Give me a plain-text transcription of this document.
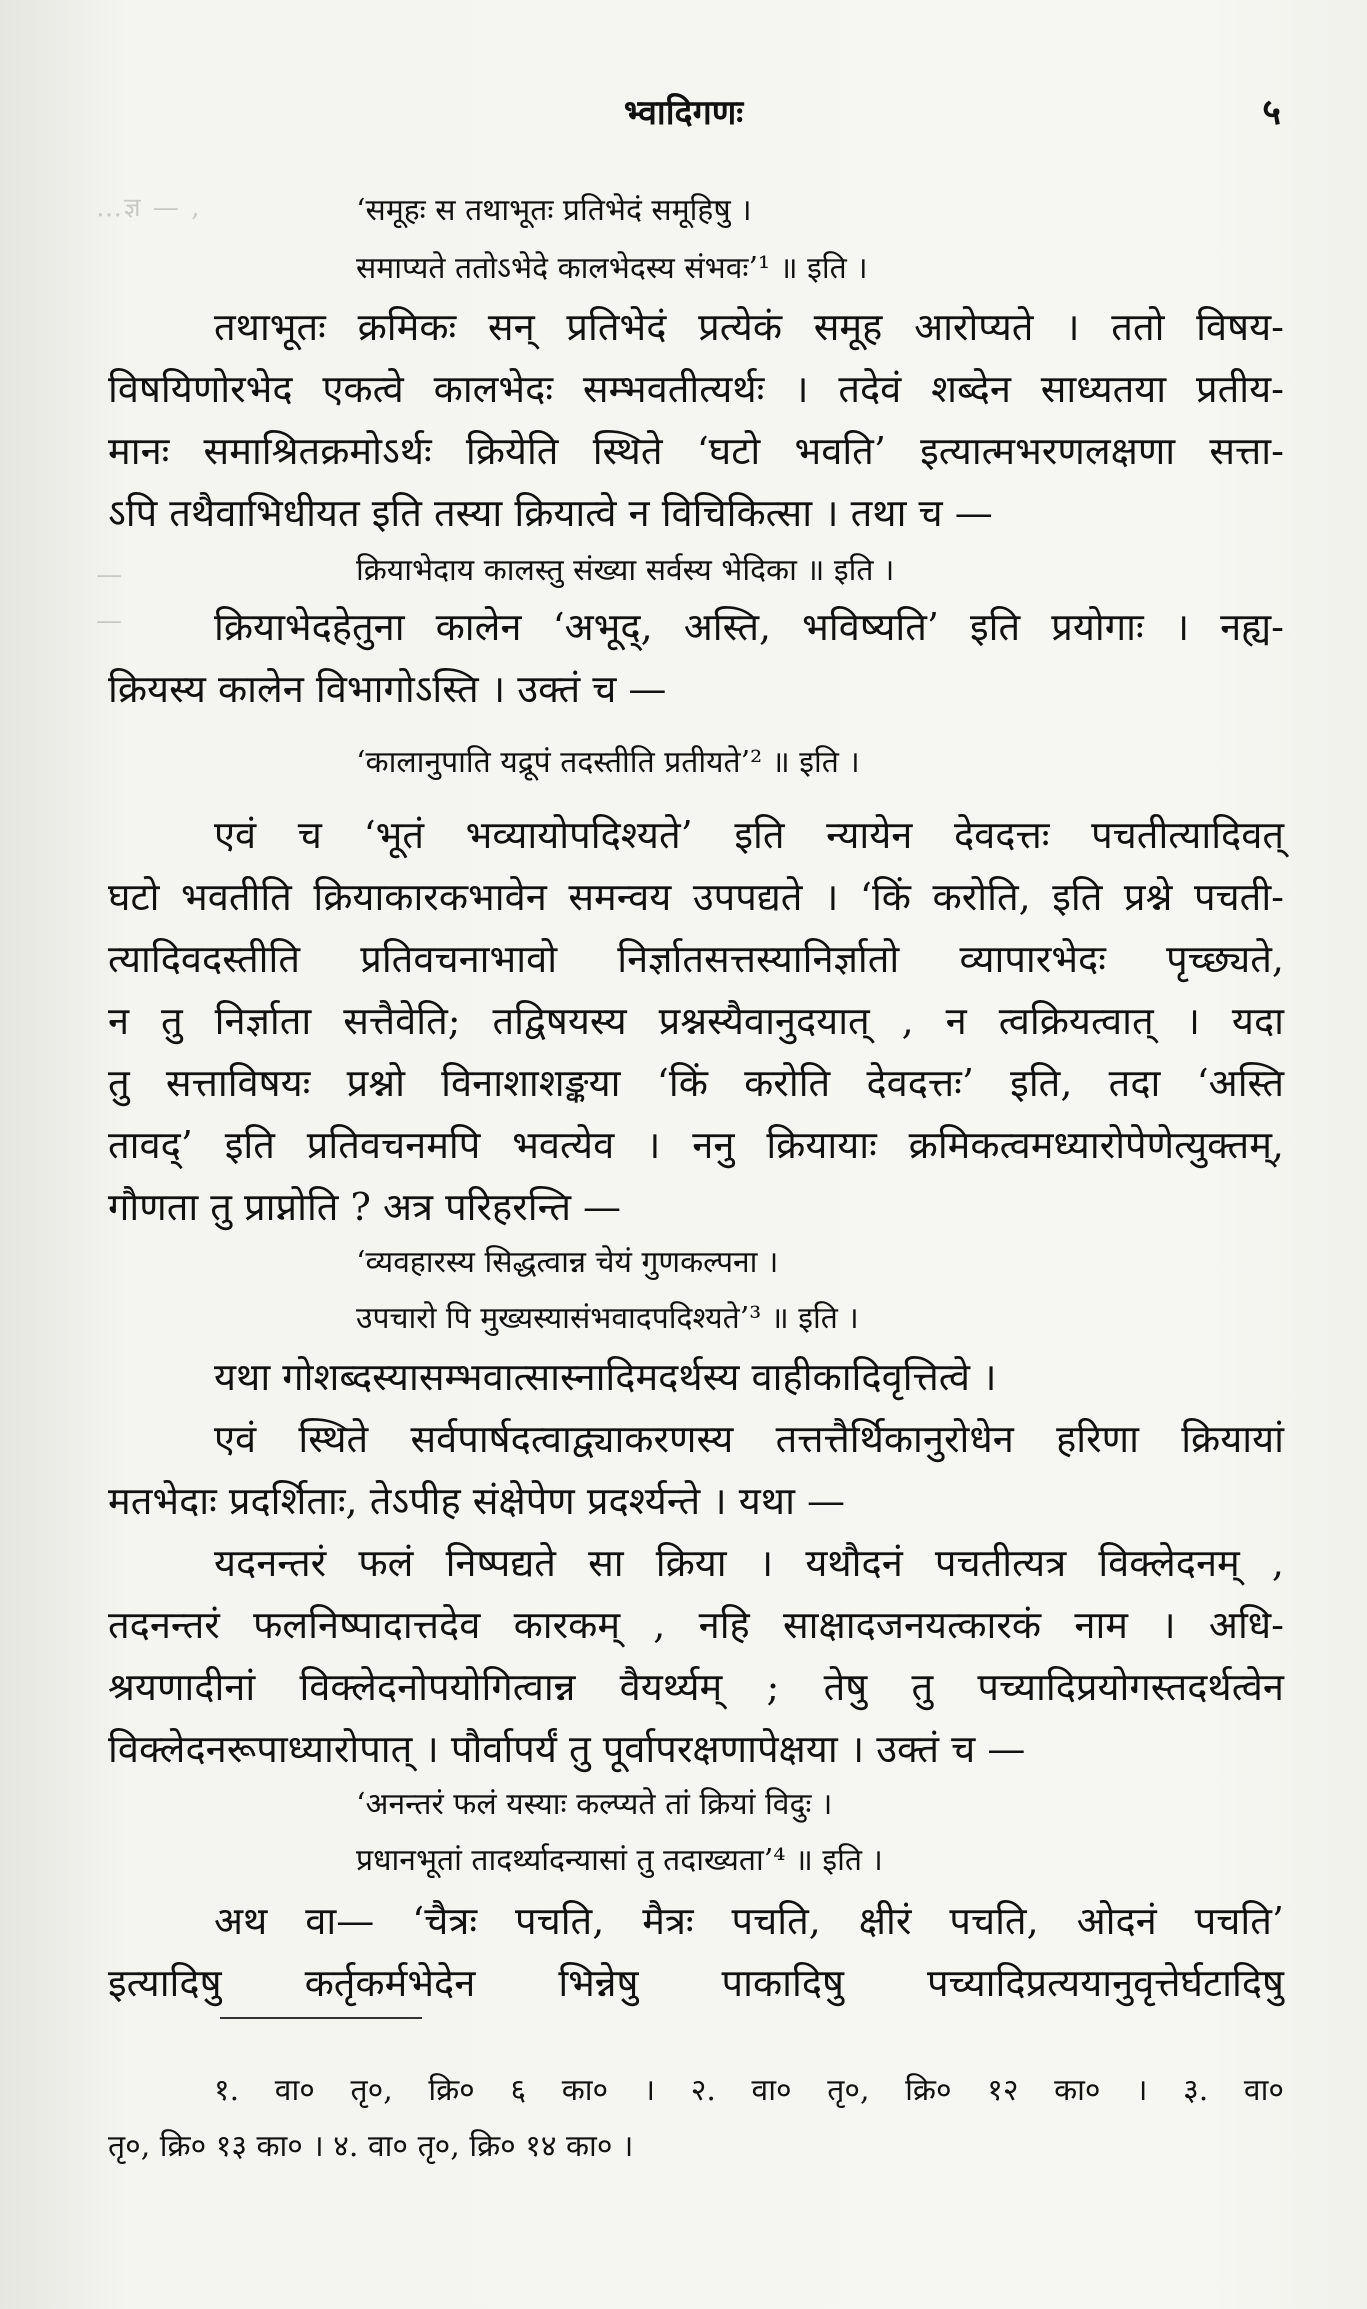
…ज्ञ — ,
—
—
भ्वादिगणः	५
‘समूहः स तथाभूतः प्रतिभेदं समूहिषु ।
समाप्यते ततोऽभेदे कालभेदस्य संभवः’¹ ॥ इति ।
तथाभूतः क्रमिकः सन् प्रतिभेदं प्रत्येकं समूह आरोप्यते । ततो विषय-
विषयिणोरभेद एकत्वे कालभेदः सम्भवतीत्यर्थः । तदेवं शब्देन साध्यतया प्रतीय-
मानः समाश्रितक्रमोऽर्थः क्रियेति स्थिते ‘घटो भवति’ इत्यात्मभरणलक्षणा सत्ता-
ऽपि तथैवाभिधीयत इति तस्या क्रियात्वे न विचिकित्सा । तथा च —
क्रियाभेदाय कालस्तु संख्या सर्वस्य भेदिका ॥ इति ।
क्रियाभेदहेतुना कालेन ‘अभूद्, अस्ति, भविष्यति’ इति प्रयोगाः । नह्य-
क्रियस्य कालेन विभागोऽस्ति । उक्तं च —
‘कालानुपाति यद्रूपं तदस्तीति प्रतीयते’² ॥ इति ।
एवं च ‘भूतं भव्यायोपदिश्यते’ इति न्यायेन देवदत्तः पचतीत्यादिवत्
घटो भवतीति क्रियाकारकभावेन समन्वय उपपद्यते । ‘किं करोति, इति प्रश्ने पचती-
त्यादिवदस्तीति प्रतिवचनाभावो निर्ज्ञातसत्तस्यानिर्ज्ञातो व्यापारभेदः पृच्छ्यते,
न तु निर्ज्ञाता सत्तैवेति; तद्विषयस्य प्रश्नस्यैवानुदयात् , न त्वक्रियत्वात् । यदा
तु सत्ताविषयः प्रश्नो विनाशाशङ्कया ‘किं करोति देवदत्तः’ इति, तदा ‘अस्ति
तावद्’ इति प्रतिवचनमपि भवत्येव । ननु क्रियायाः क्रमिकत्वमध्यारोपेणेत्युक्तम्,
गौणता तु प्राप्नोति ? अत्र परिहरन्ति —
‘व्यवहारस्य सिद्धत्वान्न चेयं गुणकल्पना ।
उपचारो पि मुख्यस्यासंभवादपदिश्यते’³ ॥ इति ।
यथा गोशब्दस्यासम्भवात्सास्नादिमदर्थस्य वाहीकादिवृत्तित्वे ।
एवं स्थिते सर्वपार्षदत्वाद्व्याकरणस्य तत्तत्तैर्थिकानुरोधेन हरिणा क्रियायां
मतभेदाः प्रदर्शिताः, तेऽपीह संक्षेपेण प्रदर्श्यन्ते । यथा —
यदनन्तरं फलं निष्पद्यते सा क्रिया । यथौदनं पचतीत्यत्र विक्लेदनम् ,
तदनन्तरं फलनिष्पादात्तदेव कारकम् , नहि साक्षादजनयत्कारकं नाम । अधि-
श्रयणादीनां विक्लेदनोपयोगित्वान्न वैयर्थ्यम् ; तेषु तु पच्यादिप्रयोगस्तदर्थत्वेन
विक्लेदनरूपाध्यारोपात् । पौर्वापर्यं तु पूर्वापरक्षणापेक्षया । उक्तं च —
‘अनन्तरं फलं यस्याः कल्प्यते तां क्रियां विदुः ।
प्रधानभूतां तादर्थ्यादन्यासां तु तदाख्यता’⁴ ॥ इति ।
अथ वा— ‘चैत्रः पचति, मैत्रः पचति, क्षीरं पचति, ओदनं पचति’
इत्यादिषु कर्तृकर्मभेदेन भिन्नेषु पाकादिषु पच्यादिप्रत्ययानुवृत्तेर्घटादिषु
१. वा० तृ०, क्रि० ६ का० । २. वा० तृ०, क्रि० १२ का० । ३. वा०
तृ०, क्रि० १३ का० । ४. वा० तृ०, क्रि० १४ का० ।
